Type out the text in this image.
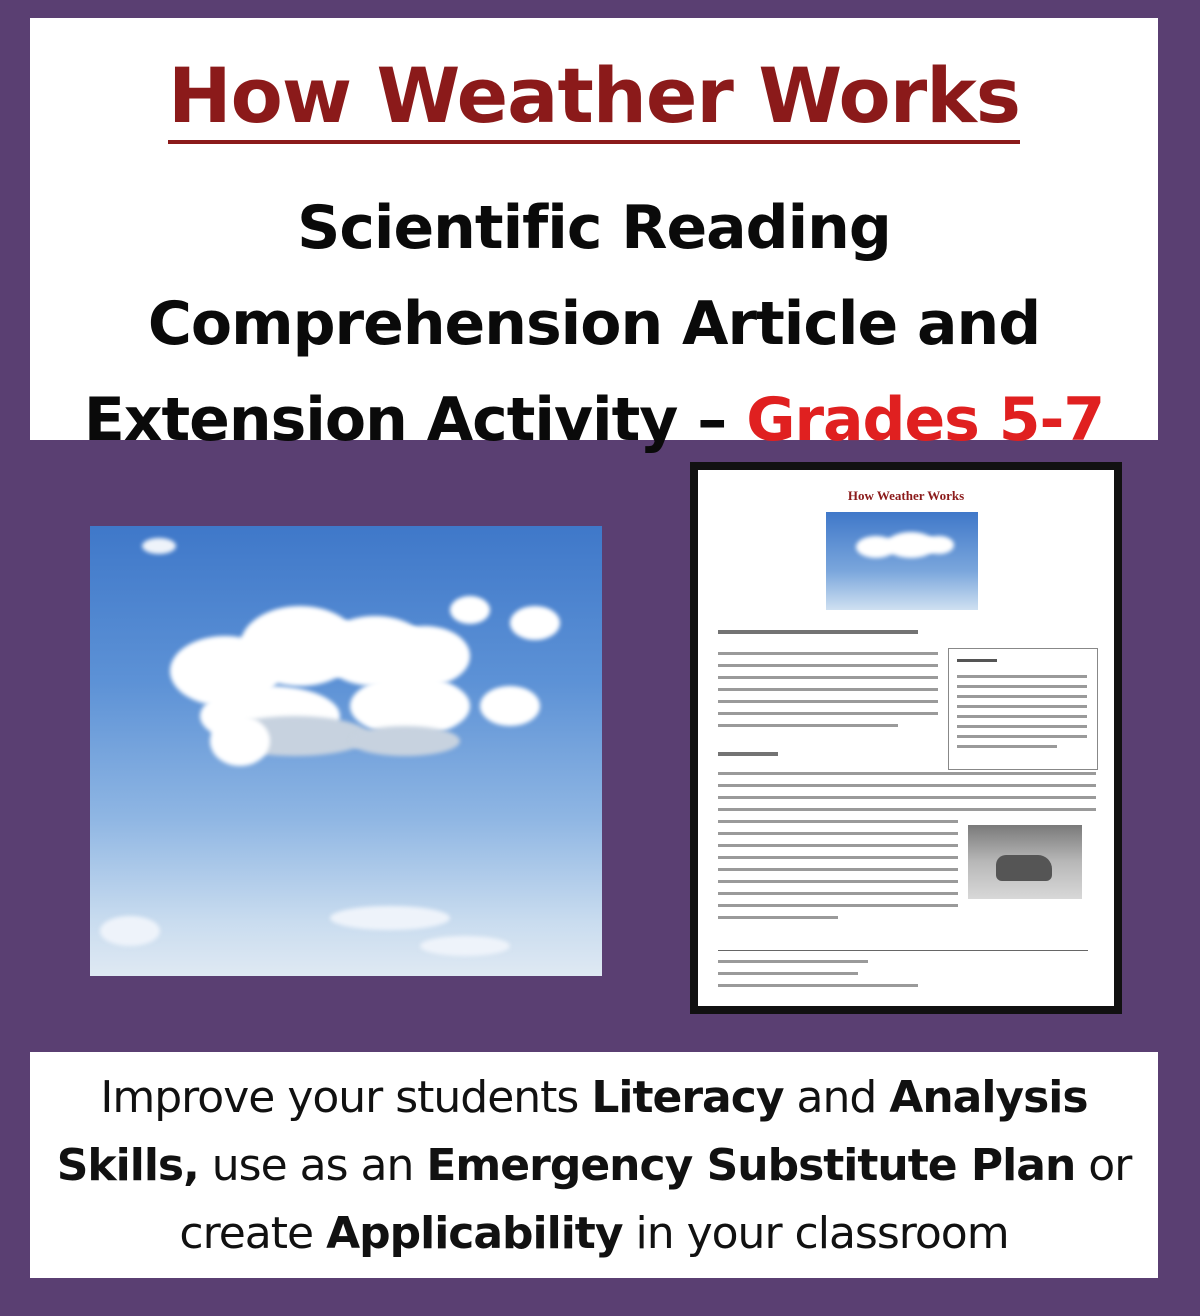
How Weather Works
Scientific Reading
Comprehension Article and
Extension Activity – Grades 5-7
How Weather Works
Improve your students Literacy and Analysis
Skills, use as an Emergency Substitute Plan or
create Applicability in your classroom
